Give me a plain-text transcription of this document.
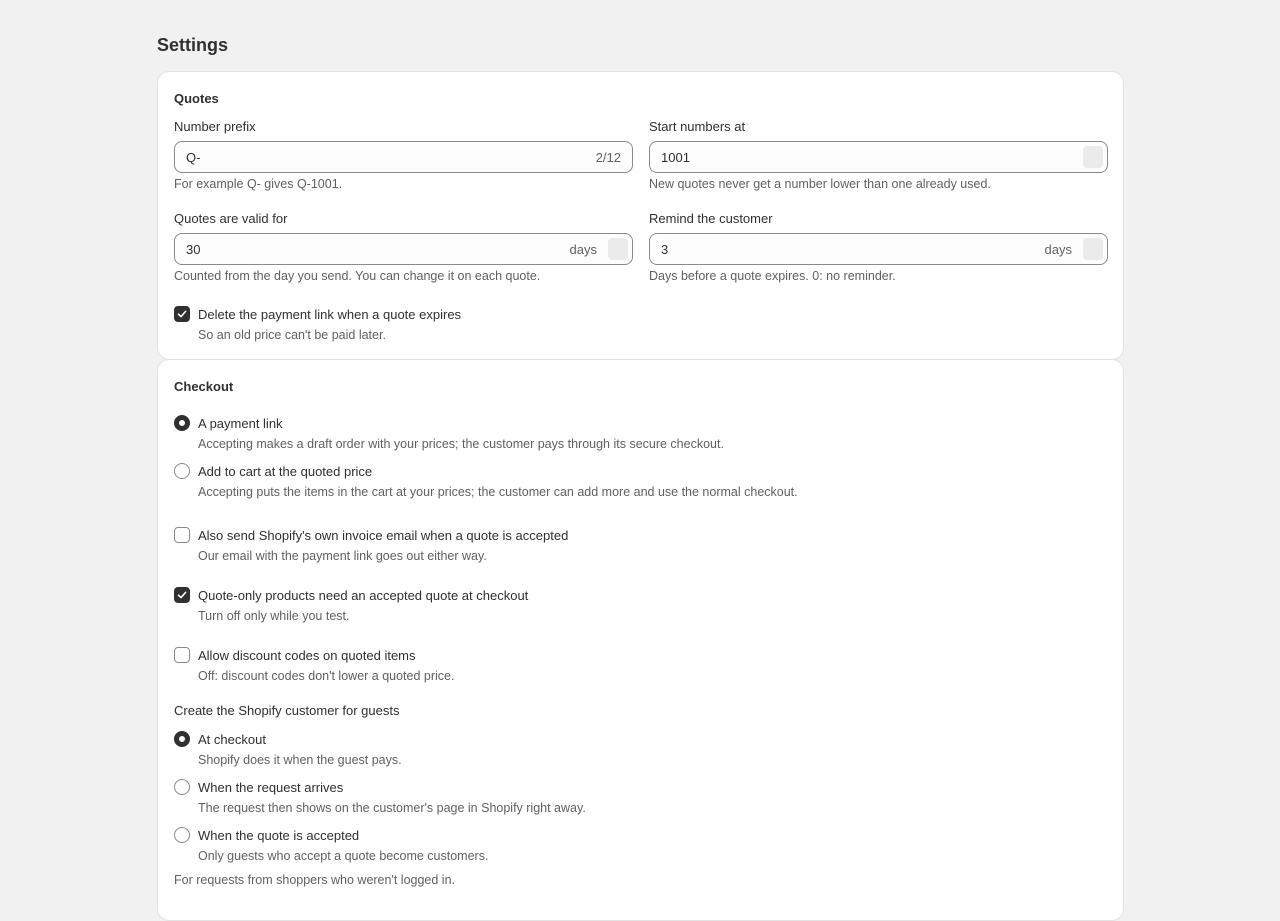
Settings
Quotes
Number prefix
Q-	2/12
For example Q- gives Q-1001.
Start numbers at
1001
New quotes never get a number lower than one already used.
Quotes are valid for
30	days
Counted from the day you send. You can change it on each quote.
Remind the customer
3	days
Days before a quote expires. 0: no reminder.
Delete the payment link when a quote expires
So an old price can't be paid later.
Checkout
A payment link
Accepting makes a draft order with your prices; the customer pays through its secure checkout.
Add to cart at the quoted price
Accepting puts the items in the cart at your prices; the customer can add more and use the normal checkout.
Also send Shopify's own invoice email when a quote is accepted
Our email with the payment link goes out either way.
Quote-only products need an accepted quote at checkout
Turn off only while you test.
Allow discount codes on quoted items
Off: discount codes don't lower a quoted price.
Create the Shopify customer for guests
At checkout
Shopify does it when the guest pays.
When the request arrives
The request then shows on the customer's page in Shopify right away.
When the quote is accepted
Only guests who accept a quote become customers.
For requests from shoppers who weren't logged in.
